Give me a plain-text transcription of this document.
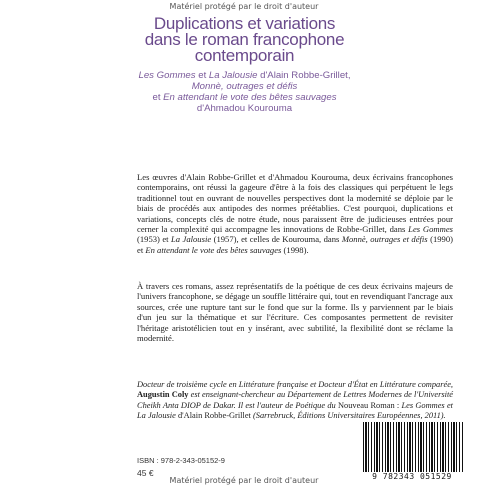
Matériel protégé par le droit d'auteur
Duplications et variations
dans le roman francophone
contemporain
Les Gommes et La Jalousie d'Alain Robbe-Grillet,
Monnè, outrages et défis
et En attendant le vote des bêtes sauvages
d'Ahmadou Kourouma
Les œuvres d'Alain Robbe-Grillet et d'Ahmadou Kourouma, deux écrivains francophones contemporains, ont réussi la gageure d'être à la fois des classiques qui perpétuent le legs traditionnel tout en ouvrant de nouvelles perspectives dont la modernité se déploie par le biais de procédés aux antipodes des normes préétablies. C'est pourquoi, duplications et variations, concepts clés de notre étude, nous paraissent être de judicieuses entrées pour cerner la complexité qui accompagne les innovations de Robbe-Grillet, dans Les Gommes (1953) et La Jalousie (1957), et celles de Kourouma, dans Monnè, outrages et défis (1990) et En attendant le vote des bêtes sauvages (1998).
À travers ces romans, assez représentatifs de la poétique de ces deux écrivains majeurs de l'univers francophone, se dégage un souffle littéraire qui, tout en revendiquant l'ancrage aux sources, crée une rupture tant sur le fond que sur la forme. Ils y parviennent par le biais d'un jeu sur la thématique et sur l'écriture. Ces composantes permettent de revisiter l'héritage aristotélicien tout en y insérant, avec subtilité, la flexibilité dont se réclame la modernité.
Docteur de troisième cycle en Littérature française et Docteur d'État en Littérature comparée, Augustin Coly est enseignant-chercheur au Département de Lettres Modernes de l'Université Cheikh Anta DIOP de Dakar. Il est l'auteur de Poétique du Nouveau Roman : Les Gommes et La Jalousie d'Alain Robbe-Grillet (Sarrebruck, Éditions Universitaires Européennes, 2011).
ISBN : 978-2-343-05152-9
45 €	9 782343 051529
Matériel protégé par le droit d'auteur
